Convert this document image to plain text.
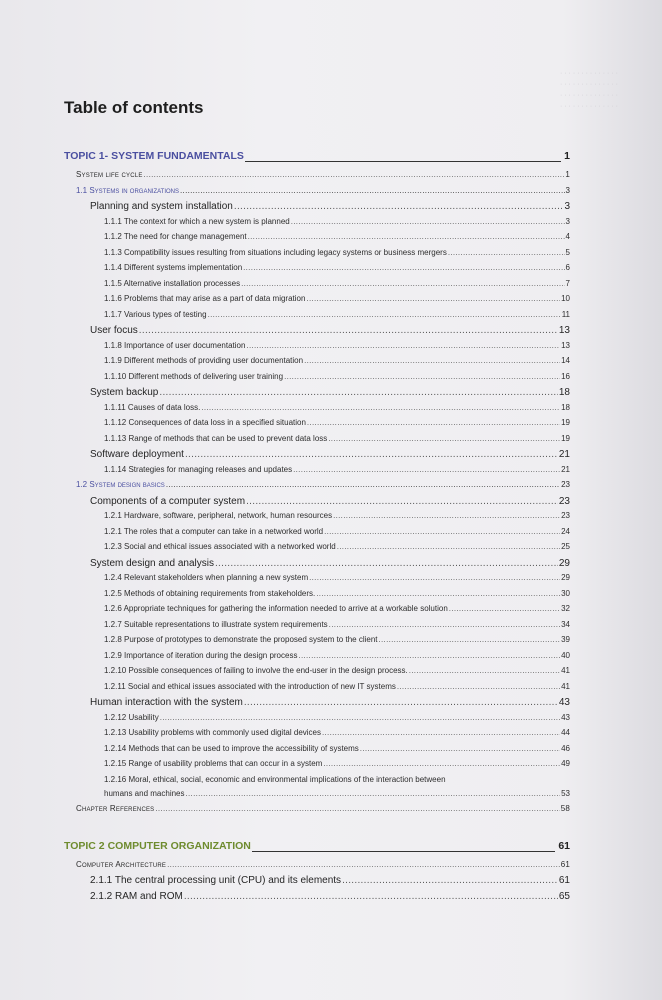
· · · · · · · · · · · · · ·
· · · · · · · · · · · · · ·
· · · · · · · · · · · · · ·
· · · · · · · · · · · · · ·
Table of contents
TOPIC 1- SYSTEM FUNDAMENTALS	1
System life cycle .....	1
1.1 Systems in organizations .....	3
Planning and system installation .....	3
1.1.1 The context for which a new system is planned .....	3
1.1.2 The need for change management .....	4
1.1.3 Compatibility issues resulting from situations including legacy systems or business mergers .....	5
1.1.4 Different systems implementation .....	6
1.1.5 Alternative installation processes .....	7
1.1.6 Problems that may arise as a part of data migration .....	10
1.1.7 Various types of testing .....	11
User focus .....	13
1.1.8 Importance of user documentation .....	13
1.1.9 Different methods of providing user documentation .....	14
1.1.10 Different methods of delivering user training .....	16
System backup .....	18
1.1.11 Causes of data loss. .....	18
1.1.12 Consequences of data loss in a specified situation .....	19
1.1.13 Range of methods that can be used to prevent data loss .....	19
Software deployment .....	21
1.1.14 Strategies for managing releases and updates .....	21
1.2 System design basics .....	23
Components of a computer system .....	23
1.2.1 Hardware, software, peripheral, network, human resources .....	23
1.2.1 The roles that a computer can take in a networked world .....	24
1.2.3 Social and ethical issues associated with a networked world .....	25
System design and analysis .....	29
1.2.4 Relevant stakeholders when planning a new system .....	29
1.2.5 Methods of obtaining requirements from stakeholders. .....	30
1.2.6 Appropriate techniques for gathering the information needed to arrive at a workable solution .....	32
1.2.7 Suitable representations to illustrate system requirements .....	34
1.2.8 Purpose of prototypes to demonstrate the proposed system to the client .....	39
1.2.9 Importance of iteration during the design process .....	40
1.2.10 Possible consequences of failing to involve the end-user in the design process. .....	41
1.2.11 Social and ethical issues associated with the introduction of new IT systems .....	41
Human interaction with the system .....	43
1.2.12 Usability .....	43
1.2.13 Usability problems with commonly used digital devices .....	44
1.2.14 Methods that can be used to improve the accessibility of systems .....	46
1.2.15 Range of usability problems that can occur in a system .....	49
1.2.16 Moral, ethical, social, economic and environmental implications of the interaction between
humans and machines .....	53
Chapter References .....	58
TOPIC 2 COMPUTER ORGANIZATION	61
Computer Architecture .....	61
2.1.1 The central processing unit (CPU) and its elements .....	61
2.1.2 RAM and ROM .....	65
